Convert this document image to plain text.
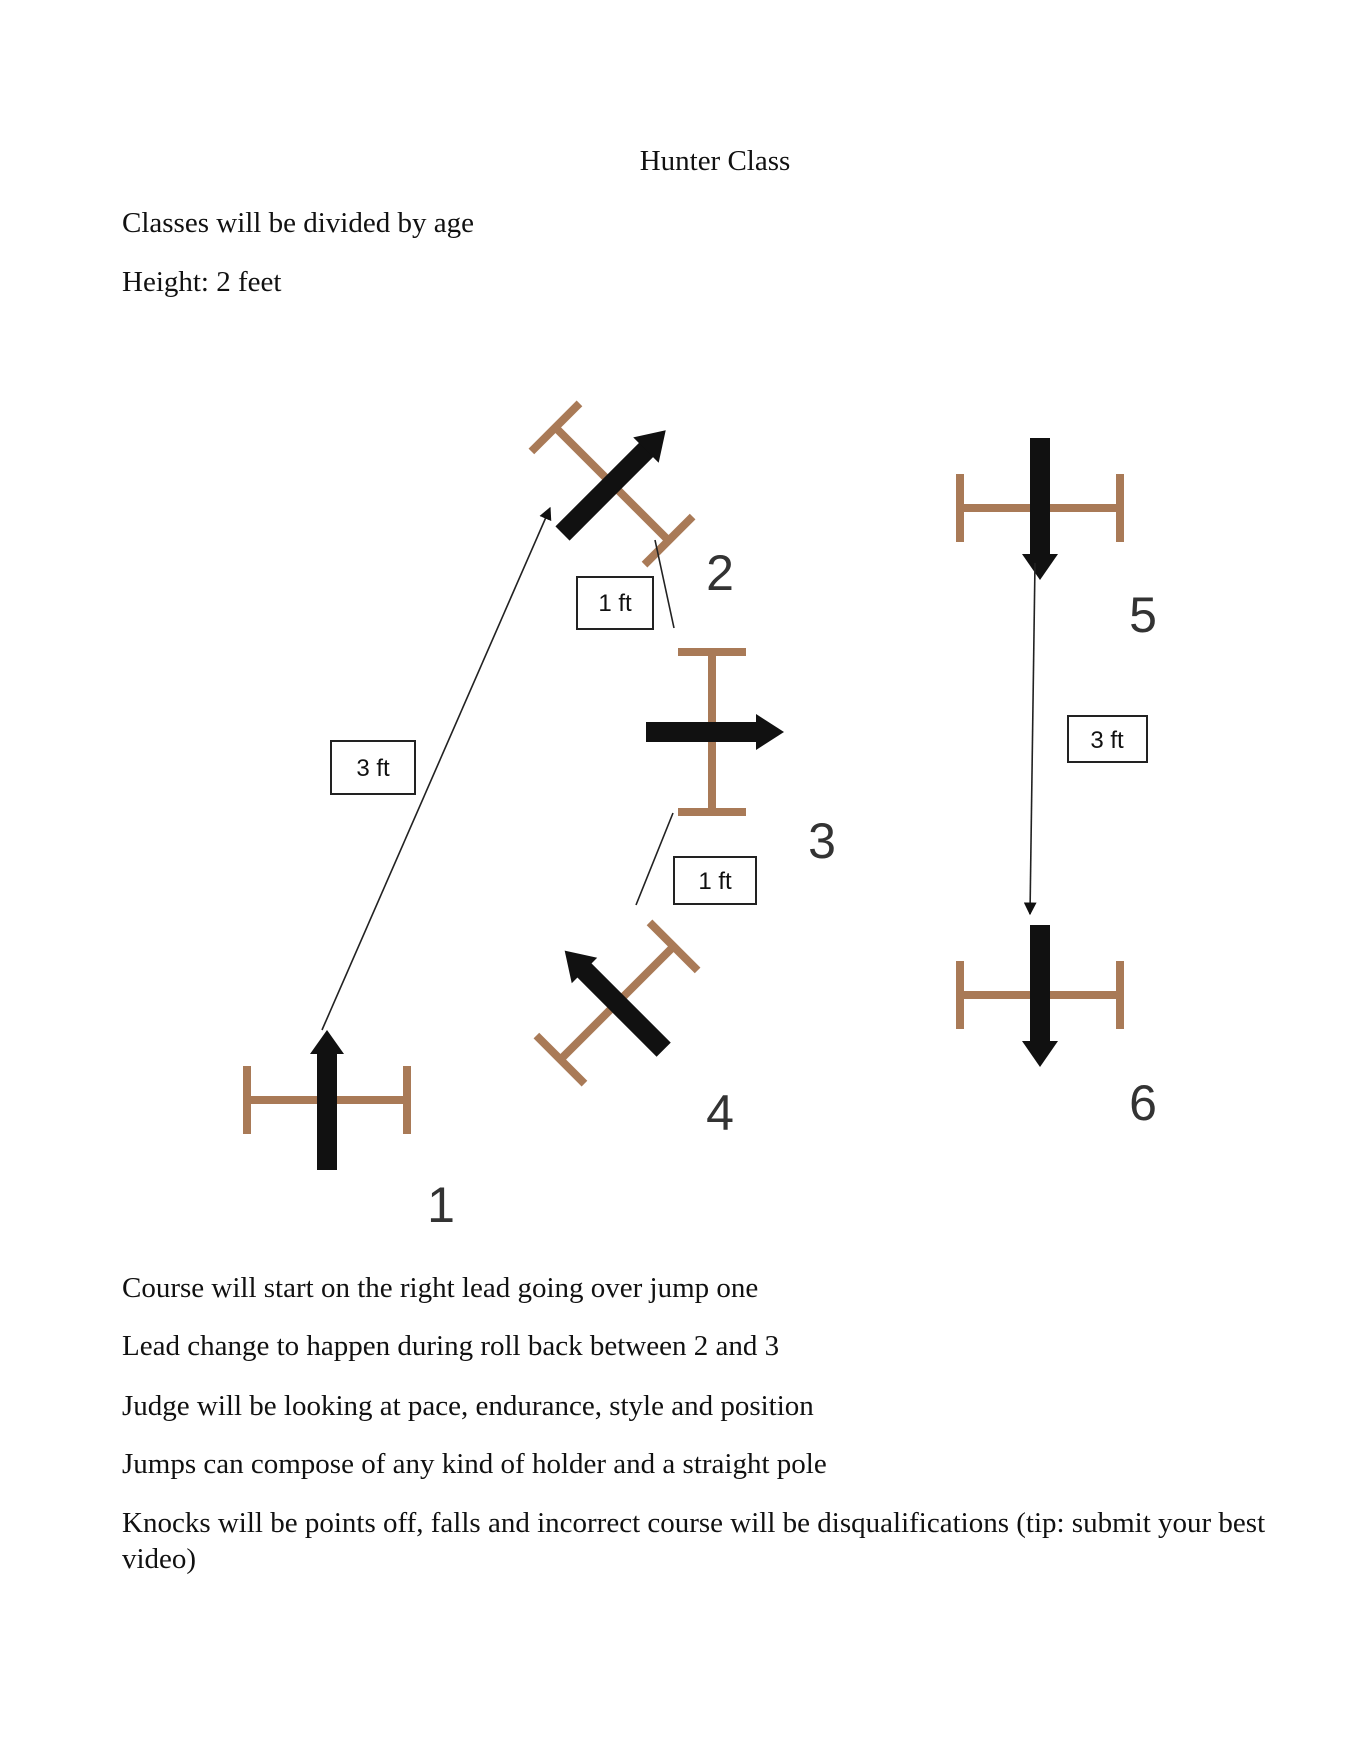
Hunter Class
Classes will be divided by age
Height: 2 feet
3 ft
1 ft
1 ft
3 ft
1
2
3
4
5
6
Course will start on the right lead going over jump one
Lead change to happen during roll back between 2 and 3
Judge will be looking at pace, endurance, style and position
Jumps can compose of any kind of holder and a straight pole
Knocks will be points off, falls and incorrect course will be disqualifications (tip: submit your best video)
